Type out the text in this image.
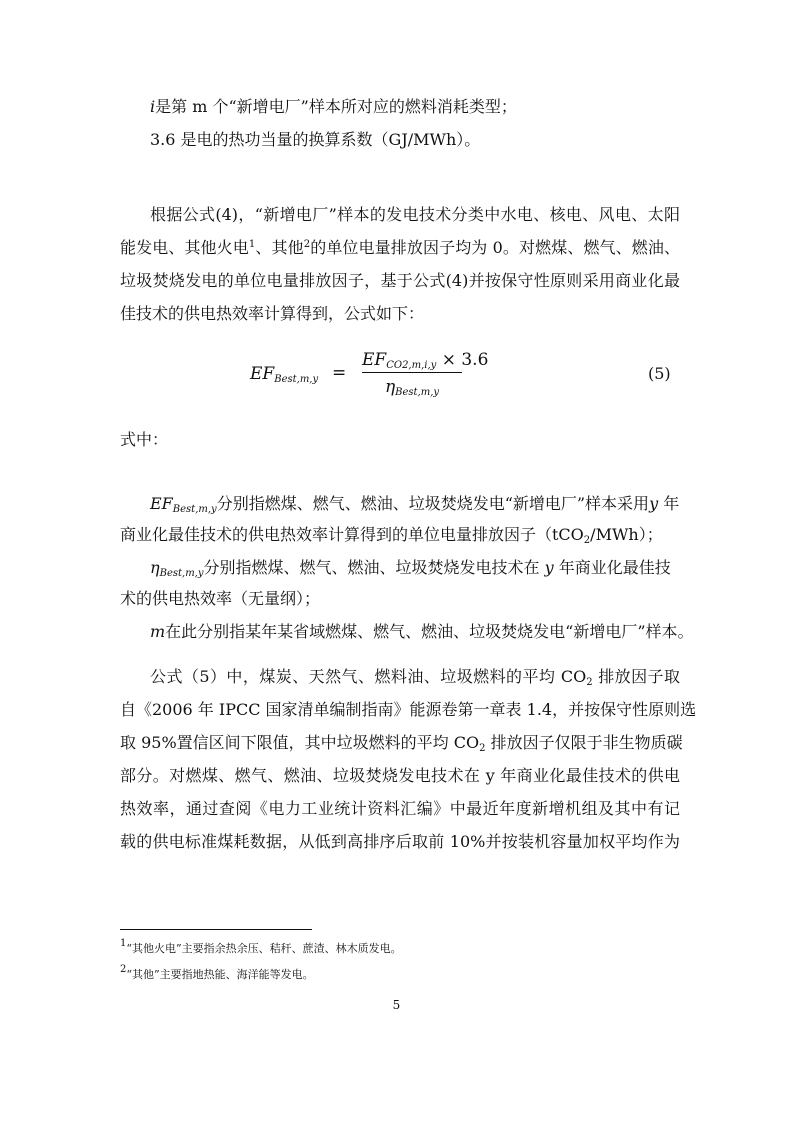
i是第 m 个“新增电厂”样本所对应的燃料消耗类型；
3.6 是电的热功当量的换算系数（GJ/MWh）。
根据公式(4)，“新增电厂”样本的发电技术分类中水电、核电、风电、太阳
能发电、其他火电$^1$、其他$^2$的单位电量排放因子均为 0。对燃煤、燃气、燃油、
垃圾焚烧发电的单位电量排放因子，基于公式(4)并按保守性原则采用商业化最
佳技术的供电热效率计算得到，公式如下：
$EF_{Best,m,y}$ =
$EF_{CO2,m,i,y} \times 3.6$
$\eta_{Best,m,y}$
(5)
式中：
$EF_{Best,m,y}$分别指燃煤、燃气、燃油、垃圾焚烧发电“新增电厂”样本采用y 年
商业化最佳技术的供电热效率计算得到的单位电量排放因子（tCO$_2$/MWh）；
$\eta_{Best,m,y}$分别指燃煤、燃气、燃油、垃圾焚烧发电技术在 y 年商业化最佳技
术的供电热效率（无量纲）；
m在此分别指某年某省域燃煤、燃气、燃油、垃圾焚烧发电“新增电厂”样本。
公式（5）中，煤炭、天然气、燃料油、垃圾燃料的平均 $CO_2$ 排放因子取
自《2006 年 IPCC 国家清单编制指南》能源卷第一章表 1.4，并按保守性原则选
取 95%置信区间下限值，其中垃圾燃料的平均 $CO_2$ 排放因子仅限于非生物质碳
部分。对燃煤、燃气、燃油、垃圾焚烧发电技术在 y 年商业化最佳技术的供电
热效率，通过查阅《电力工业统计资料汇编》中最近年度新增机组及其中有记
载的供电标准煤耗数据，从低到高排序后取前 10%并按装机容量加权平均作为
$^1$“其他火电”主要指余热余压、秸秆、蔗渣、林木质发电。
$^2$“其他”主要指地热能、海洋能等发电。
5
